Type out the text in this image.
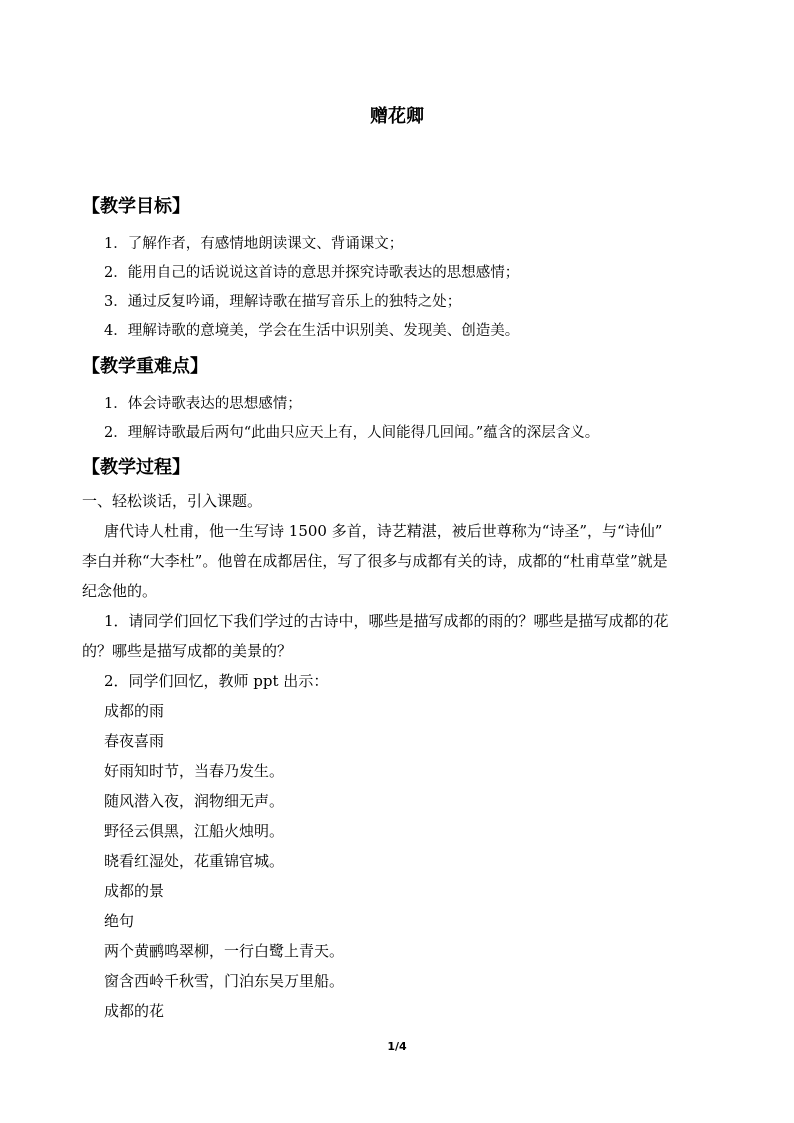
赠花卿
【教学目标】
1．了解作者，有感情地朗读课文、背诵课文；
2．能用自己的话说说这首诗的意思并探究诗歌表达的思想感情；
3．通过反复吟诵，理解诗歌在描写音乐上的独特之处；
4．理解诗歌的意境美，学会在生活中识别美、发现美、创造美。
【教学重难点】
1．体会诗歌表达的思想感情；
2．理解诗歌最后两句“此曲只应天上有，人间能得几回闻。”蕴含的深层含义。
【教学过程】
一、轻松谈话，引入课题。
唐代诗人杜甫，他一生写诗 1500 多首，诗艺精湛，被后世尊称为“诗圣”，与“诗仙”
李白并称“大李杜”。他曾在成都居住，写了很多与成都有关的诗，成都的“杜甫草堂”就是
纪念他的。
1．请同学们回忆下我们学过的古诗中，哪些是描写成都的雨的？哪些是描写成都的花
的？哪些是描写成都的美景的？
2．同学们回忆，教师 ppt 出示：
成都的雨
春夜喜雨
好雨知时节，当春乃发生。
随风潜入夜，润物细无声。
野径云俱黑，江船火烛明。
晓看红湿处，花重锦官城。
成都的景
绝句
两个黄鹂鸣翠柳，一行白鹭上青天。
窗含西岭千秋雪，门泊东吴万里船。
成都的花
1/4
